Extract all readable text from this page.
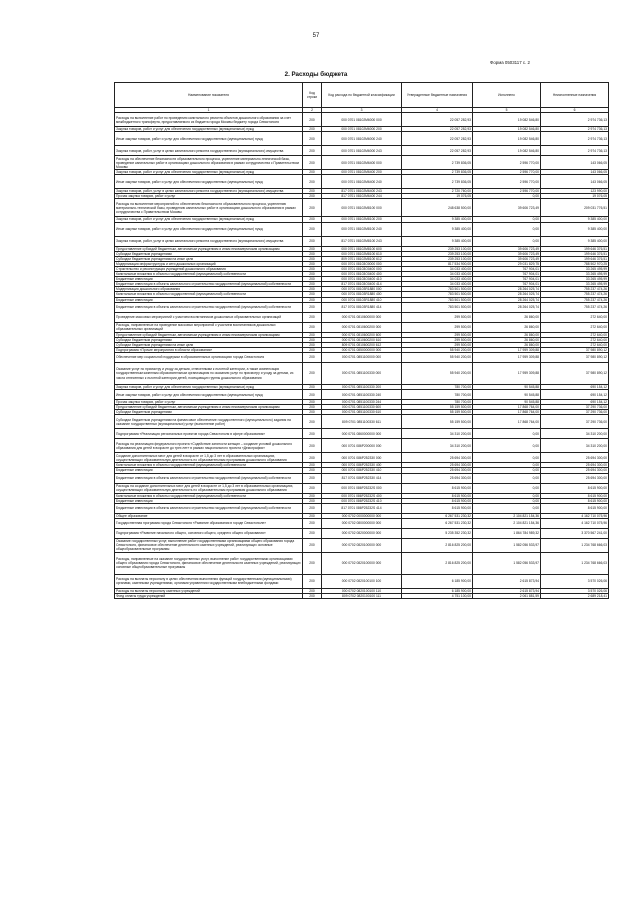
57
Форма 0503117 с. 2
2. Расходы бюджета
Наименование показателя	Код строки	Код расхода по бюджетной классификации	Утвержденные бюджетные назначения	Исполнено	Неисполненные назначения
1	2	3	4	5	6
Расходы на выполнение работ по проведению капитального ремонта объектов дошкольного образования за счет межбюджетного трансферта, предоставляемого из бюджета города Москвы бюджету города Севастополя	200	000 0701 08102M6000 000	22 057 282,93	19 082 546,80	2 974 736,13
Закупка товаров, работ и услуг для обеспечения государственных (муниципальных) нужд	200	000 0701 08102M6000 200	22 057 282,93	19 082 546,80	2 974 736,13
Иные закупки товаров, работ и услуг для обеспечения государственных (муниципальных) нужд	200	000 0701 08102M6000 240	22 057 282,93	19 082 546,80	2 974 736,13
Закупка товаров, работ, услуг в целях капитального ремонта государственного (муниципального) имущества	200	000 0701 08102M6000 243	22 057 282,93	19 082 546,80	2 974 736,13
Расходы на обеспечение безопасности образовательного процесса, укрепление материально-технической базы, проведение капитальных работ в организациях дошкольного образования в рамках сотрудничества с Правительством Москвы	200	000 0701 08102M6400 000	2 739 836,05	2 596 770,00	143 066,05
Закупка товаров, работ и услуг для обеспечения государственных (муниципальных) нужд	200	000 0701 08102M6400 200	2 739 836,05	2 596 770,00	143 066,05
Иные закупки товаров, работ и услуг для обеспечения государственных (муниципальных) нужд	200	000 0701 08102M6400 240	2 739 836,05	2 596 770,00	143 066,05
Закупка товаров, работ, услуг в целях капитального ремонта государственного (муниципального) имущества	200	817 0701 08102M6400 243	2 720 760,00	2 596 770,00	123 990,00
Прочая закупка товаров, работ и услуг	200	817 0701 08102M6400 244	19 076,05	0,00	19 076,05
Расходы на выполнение мероприятий по обеспечению безопасности образовательного процесса, укреплению материально-технической базы, проведению капитальных работ в организациях дошкольного образования в рамках сотрудничества с Правительством Москвы	200	000 0701 08102M8100 000	248 638 500,00	39 606 723,49	209 031 776,51
Закупка товаров, работ и услуг для обеспечения государственных (муниципальных) нужд	200	000 0701 08102M8100 200	9 385 400,00	0,00	9 385 400,00
Иные закупки товаров, работ и услуг для обеспечения государственных (муниципальных) нужд	200	000 0701 08102M8100 240	9 385 400,00	0,00	9 385 400,00
Закупка товаров, работ, услуг в целях капитального ремонта государственного (муниципального) имущества	200	817 0701 08102M8100 243	9 385 400,00	0,00	9 385 400,00
Предоставление субсидий бюджетным, автономным учреждениям и иным некоммерческим организациям	200	000 0701 08102M8100 600	239 253 100,00	39 606 723,49	199 646 376,51
Субсидии бюджетным учреждениям	200	000 0701 08102M8100 610	239 253 100,00	39 606 723,49	199 646 376,51
Субсидии бюджетным учреждениям на иные цели	200	809 0701 08102M8100 612	239 253 100,00	39 606 723,49	199 646 376,51
Модернизация инфраструктуры и сети дошкольных организаций	200	000 0701 08103O0000 000	817 534 900,00	29 031 829,75	788 502 970,25
Строительство и реконструкция учреждений дошкольного образования	200	000 0701 08103O0400 000	34 033 400,00	767 904,01	33 265 495,99
Капитальные вложения в объекты государственной (муниципальной) собственности	200	000 0701 08103O0400 400	34 033 400,00	767 904,01	33 265 495,99
Бюджетные инвестиции	200	000 0701 08103O0400 410	34 033 400,00	767 904,01	33 265 495,99
Бюджетные инвестиции в объекты капитального строительства государственной (муниципальной) собственности	200	817 0701 08103O0400 414	34 033 400,00	767 904,01	33 265 495,99
Модернизация дошкольного образования	200	000 0701 08103R1880 000	783 501 500,00	28 264 025,74	755 237 474,26
Капитальные вложения в объекты государственной (муниципальной) собственности	200	000 0701 08103R1880 400	783 501 500,00	28 264 025,74	755 237 474,26
Бюджетные инвестиции	200	000 0701 08103R1880 410	783 501 500,00	28 264 025,74	755 237 474,26
Бюджетные инвестиции в объекты капитального строительства государственной (муниципальной) собственности	200	817 0701 08103R1880 414	783 501 500,00	28 264 025,74	755 237 474,26
Проведение массовых мероприятий с участием воспитанников дошкольных образовательных организаций	200	000 0701 0810600000 000	299 500,00	26 860,00	272 640,00
Расходы, направленные на проведение массовых мероприятий с участием воспитанников дошкольных образовательных организаций	200	000 0701 0810600200 000	299 500,00	26 860,00	272 640,00
Предоставление субсидий бюджетным, автономным учреждениям и иным некоммерческим организациям	200	000 0701 0810600200 600	299 500,00	26 860,00	272 640,00
Субсидии бюджетным учреждениям	200	000 0701 0810600200 610	299 500,00	26 860,00	272 640,00
Субсидии бюджетным учреждениям на иные цели	200	809 0701 0810600200 612	299 500,00	26 860,00	272 640,00
Подпрограмма «Прочие мероприятия в области образования»	200	000 0701 0850000000 000	55 940 200,00	17 959 309,88	37 980 890,12
Обеспечение мер социальной поддержки в образовательных организациях города Севастополя	200	000 0701 0851100000 000	55 940 200,00	17 959 309,88	37 980 890,12
Оказание услуг по присмотру и уходу за детьми, отнесенными к льготной категории, а также компенсация государственным казенным образовательным организациям по оказанию услуг по присмотру и уходу за детьми, из числа отнесенных к льготной категории детей, посещающих группы дошкольного образования	200	000 0701 0851100330 000	55 940 200,00	17 959 309,88	37 980 890,12
Закупка товаров, работ и услуг для обеспечения государственных (муниципальных) нужд	200	000 0701 0851100330 200	780 700,00	90 545,88	690 154,12
Иные закупки товаров, работ и услуг для обеспечения государственных (муниципальных) нужд	200	000 0701 0851100330 240	780 700,00	90 545,88	690 154,12
Прочая закупка товаров, работ и услуг	200	000 0701 0851100330 244	780 700,00	90 545,88	690 154,12
Предоставление субсидий бюджетным, автономным учреждениям и иным некоммерческим организациям	200	000 0701 0851100330 600	55 159 500,00	17 868 764,00	37 290 736,00
Субсидии бюджетным учреждениям	200	000 0701 0851100330 610	55 159 500,00	17 868 764,00	37 290 736,00
Субсидии бюджетным учреждениям на финансовое обеспечение государственного (муниципального) задания на оказание государственных (муниципальных) услуг (выполнение работ)	200	809 0701 0851100330 611	55 159 500,00	17 868 764,00	37 290 736,00
Подпрограмма «Реализация региональных проектов города Севастополя в сфере образования»	200	000 0701 0860000000 000	34 310 200,00	0,00	34 310 200,00
Расходы на реализацию федерального проекта «Содействие занятости женщин – создание условий дошкольного образования для детей в возрасте до трех лет» в рамках национального проекта «Демография»	200	000 0701 086P200000 000	34 310 200,00	0,00	34 310 200,00
Создание дополнительных мест для детей в возрасте от 1,5 до 3 лет в образовательных организациях, осуществляющих образовательную деятельность по образовательным программам дошкольного образования	200	000 0701 086P252330 000	25 694 300,00	0,00	25 694 300,00
Капитальные вложения в объекты государственной (муниципальной) собственности	200	000 0701 086P252330 400	25 694 300,00	0,00	25 694 300,00
Бюджетные инвестиции	200	000 0701 086P252330 410	25 694 300,00	0,00	25 694 300,00
Бюджетные инвестиции в объекты капитального строительства государственной (муниципальной) собственности	200	817 0701 086P252330 414	25 694 300,00	0,00	25 694 300,00
Расходы на создание дополнительных мест для детей в возрасте от 1,5 до 3 лет в образовательных организациях, осуществляющих образовательную деятельность по образовательным программам дошкольного образования	200	000 0701 086P25232S 000	8 615 900,00	0,00	8 615 900,00
Капитальные вложения в объекты государственной (муниципальной) собственности	200	000 0701 086P25232S 400	8 615 900,00	0,00	8 615 900,00
Бюджетные инвестиции	200	000 0701 086P25232S 410	8 615 900,00	0,00	8 615 900,00
Бюджетные инвестиции в объекты капитального строительства государственной (муниципальной) собственности	200	817 0701 086P25232S 414	8 615 900,00	0,00	8 615 900,00
Общее образование	200	000 0702 0000000000 000	6 267 531 230,32	2 104 821 154,36	4 162 710 075,96
Государственная программа города Севастополя «Развитие образования в городе Севастополе»	200	000 0702 0800000000 000	6 267 531 230,32	2 104 821 154,36	4 162 710 075,96
Подпрограмма «Развитие начального общего, основного общего, среднего общего образования»	200	000 0702 0820000000 000	5 235 352 230,32	1 864 784 989,32	3 370 567 241,00
Оказание государственных услуг, выполнение работ государственными организациями общего образования города Севастополя, финансовое обеспечение деятельности казенных учреждений, реализующих основные общеобразовательные программы	200	000 0702 0820100000 000	2 816 825 200,00	1 582 056 533,97	1 234 768 666,03
Расходы, направленные на оказание государственных услуг, выполнение работ государственными организациями общего образования города Севастополя, финансовое обеспечение деятельности казенных учреждений, реализующих основные общеобразовательные программы	200	000 0702 0820100000 000	2 816 825 200,00	1 582 056 533,97	1 234 768 666,03
Расходы на выплаты персоналу в целях обеспечения выполнения функций государственными (муниципальными) органами, казенными учреждениями, органами управления государственными внебюджетными фондами	200	000 0702 0820100100 100	6 185 900,00	2 615 873,94	3 570 026,06
Расходы на выплаты персоналу казенных учреждений	200	000 0702 0820100100 110	6 185 900,00	2 615 873,94	3 570 026,06
Фонд оплаты труда учреждений	200	809 0702 0820100100 111	4 751 100,00	2 061 881,59	2 689 218,41
